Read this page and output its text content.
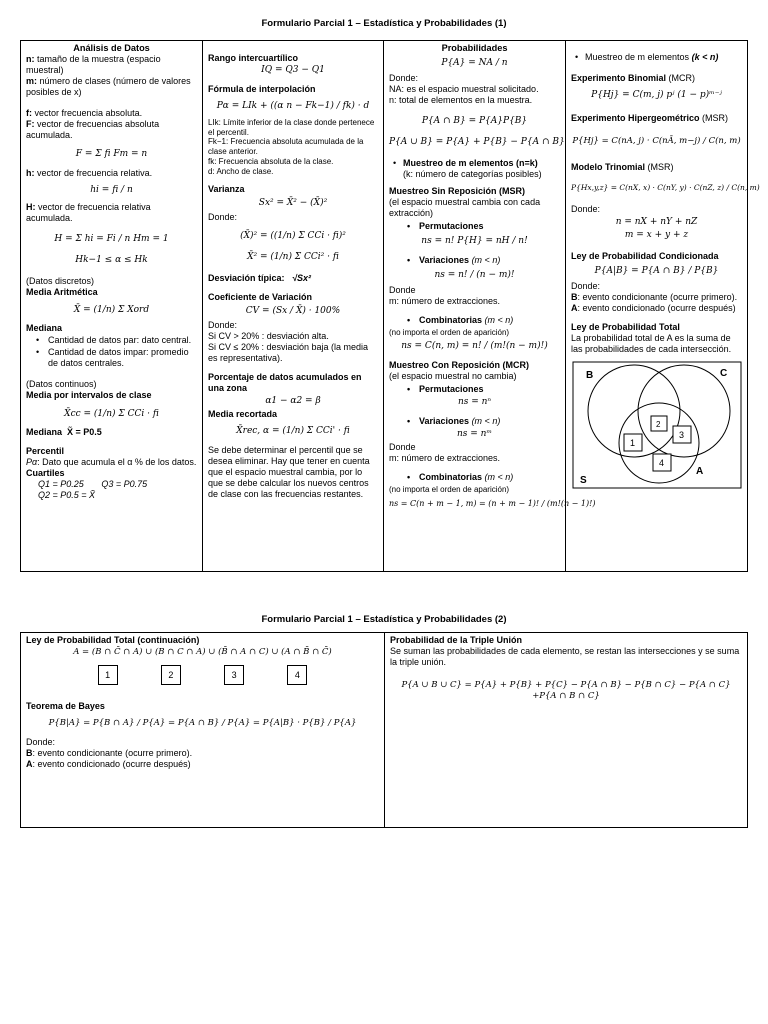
Formulario Parcial 1 – Estadística y Probabilidades (1)
Análisis de Datos

n: tamaño de la muestra (espacio muestral)

m: número de clases (número de valores posibles de x)

f: vector frecuencia absoluta.

F: vector de frecuencias absoluta acumulada.

F = Σ fi Fm = n

h: vector de frecuencia relativa.

hi = fi / n

H: vector de frecuencia relativa acumulada.

H = Σ hi = Fi / n Hm = 1
Hk−1 ≤ α ≤ Hk

(Datos discretos)

Media Aritmética

X̄ = (1/n) Σ Xord

Mediana

• Cantidad de datos par: dato central.
• Cantidad de datos impar: promedio de datos centrales.

(Datos continuos)

Media por intervalos de clase

X̄cc = (1/n) Σ CCi · fi

Mediana X̃ = P0.5

Percentil

Pα: Dato que acumula el α % de los datos.

Cuartiles

Q1 = P0.25 Q3 = P0.75

Q2 = P0.5 = X̃

Rango intercuartílico

IQ = Q3 − Q1

Fórmula de interpolación

Pα = LIk + ((α n − Fk−1) / fk) · d

LIk: Límite inferior de la clase donde pertenece el percentil.

Fk−1: Frecuencia absoluta acumulada de la clase anterior.

fk: Frecuencia absoluta de la clase.

d: Ancho de clase.

Varianza

Sx² = X̄² − (X̄)²

Donde:

(X̄)² = ((1/n) Σ CCi · fi)²
X̄² = (1/n) Σ CCi² · fi

Desviación típica: √Sx²

Coeficiente de Variación

CV = (Sx / X̄) · 100%

Donde:

Si CV > 20% : desviación alta.

Si CV ≤ 20% : desviación baja (la media es representativa).

Porcentaje de datos acumulados en una zona

α1 − α2 = β

Media recortada

X̄rec, α = (1/n) Σ CCi' · fi

Se debe determinar el percentil que se desea eliminar. Hay que tener en cuenta que el espacio muestral cambia, por lo que se debe calcular los nuevos centros de clase con las frecuencias restantes.

Probabilidades
P{A} = NA / n

Donde:

NA: es el espacio muestral solicitado.

n: total de elementos en la muestra.

P{A ∩ B} = P{A}P{B}
P{A ∪ B} = P{A} + P{B} − P{A ∩ B}
• Muestreo de m elementos (n=k)
(k: número de categorías posibles)

Muestreo Sin Reposición (MSR)

(el espacio muestral cambia con cada extracción)

• Permutaciones
ns = n! P{H} = nH / n!
• Variaciones (m < n)
ns = n! / (n − m)!

Donde

m: número de extracciones.

• Combinatorias (m < n)

(no importa el orden de aparición)

ns = C(n, m) = n! / (m!(n − m)!)

Muestreo Con Reposición (MCR)

(el espacio muestral no cambia)

• Permutaciones
ns = nⁿ
• Variaciones (m < n)
ns = nᵐ

Donde

m: número de extracciones.

• Combinatorias (m < n)

(no importa el orden de aparición)

ns = C(n + m − 1, m) = (n + m − 1)! / (m!(n − 1)!)
• Muestreo de m elementos (k < n)

Experimento Binomial (MCR)

P{Hj} = C(m, j) pʲ (1 − p)ᵐ⁻ʲ

Experimento Hipergeométrico (MSR)

P{Hj} = C(nA, j) · C(nĀ, m−j) / C(n, m)

Modelo Trinomial (MSR)

P{Hx,y,z} = C(nX, x) · C(nY, y) · C(nZ, z) / C(n, m)

Donde:

n = nX + nY + nZ
m = x + y + z

Ley de Probabilidad Condicionada

P{A|B} = P{A ∩ B} / P{B}

Donde:

B: evento condicionante (ocurre primero).

A: evento condicionado (ocurre después)

Ley de Probabilidad Total

La probabilidad total de A es la suma de las probabilidades de cada intersección.

B	C
A
S
1
2
3
4
Formulario Parcial 1 – Estadística y Probabilidades (2)

Ley de Probabilidad Total (continuación)

A = (B ∩ C̄ ∩ A) ∪ (B ∩ C ∩ A) ∪ (B̄ ∩ A ∩ C) ∪ (A ∩ B̄ ∩ C̄)
1	2	3	4

Teorema de Bayes

P{B|A} = P{B ∩ A} / P{A} = P{A ∩ B} / P{A} = P{A|B} · P{B} / P{A}

Donde:

B: evento condicionante (ocurre primero).

A: evento condicionado (ocurre después)

Probabilidad de la Triple Unión

Se suman las probabilidades de cada elemento, se restan las intersecciones y se suma la triple unión.

P{A ∪ B ∪ C} = P{A} + P{B} + P{C} − P{A ∩ B} − P{B ∩ C} − P{A ∩ C}
+P{A ∩ B ∩ C}
